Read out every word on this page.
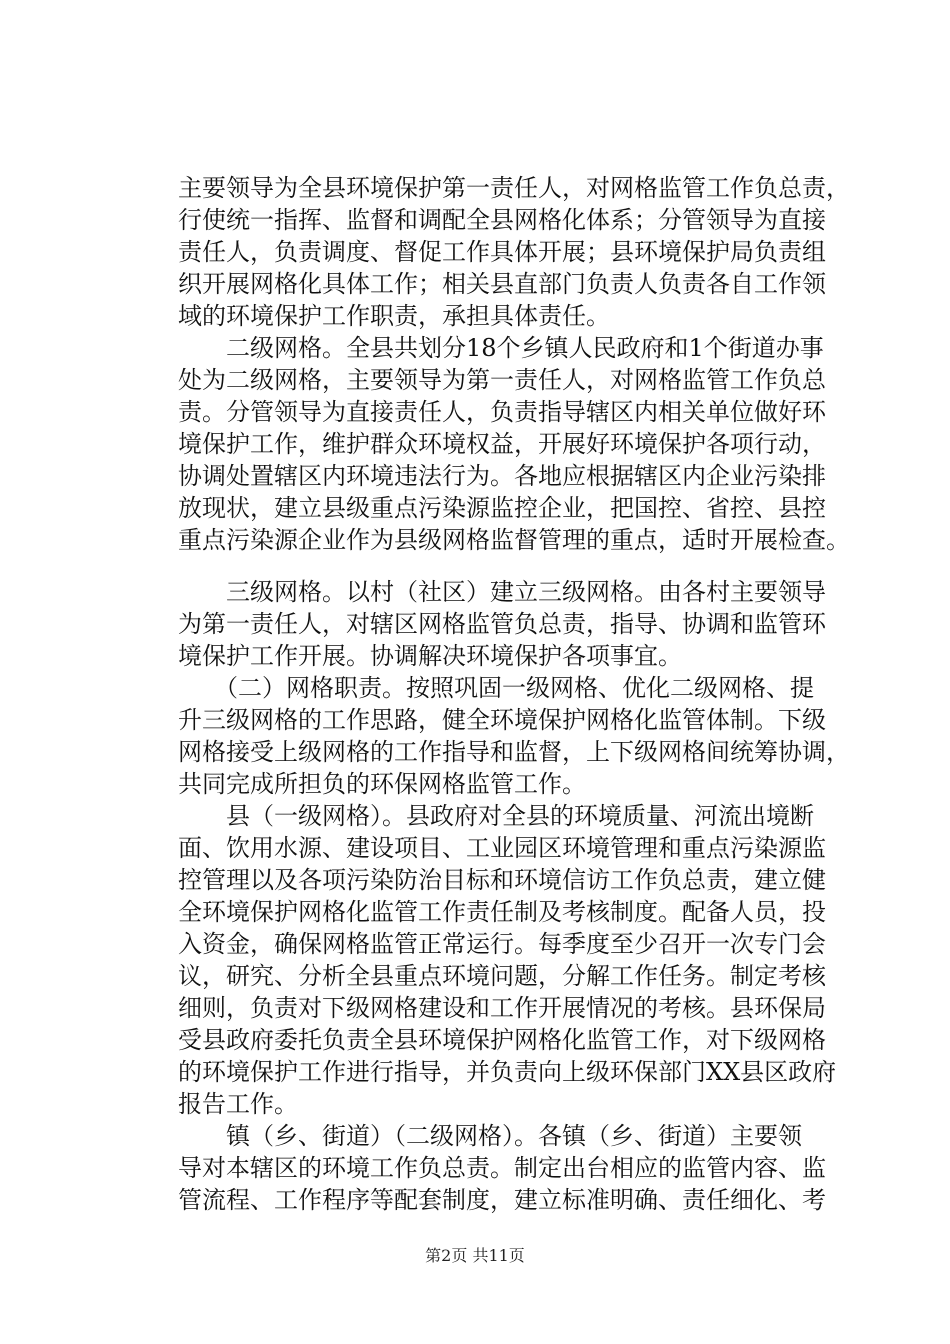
主要领导为全县环境保护第一责任人，对网格监管工作负总责，
行使统一指挥、监督和调配全县网格化体系；分管领导为直接
责任人，负责调度、督促工作具体开展；县环境保护局负责组
织开展网格化具体工作；相关县直部门负责人负责各自工作领
域的环境保护工作职责，承担具体责任。
　　二级网格。全县共划分18个乡镇人民政府和1个街道办事
处为二级网格，主要领导为第一责任人，对网格监管工作负总
责。分管领导为直接责任人，负责指导辖区内相关单位做好环
境保护工作，维护群众环境权益，开展好环境保护各项行动，
协调处置辖区内环境违法行为。各地应根据辖区内企业污染排
放现状，建立县级重点污染源监控企业，把国控、省控、县控
重点污染源企业作为县级网格监督管理的重点，适时开展检查。
　　三级网格。以村（社区）建立三级网格。由各村主要领导
为第一责任人，对辖区网格监管负总责，指导、协调和监管环
境保护工作开展。协调解决环境保护各项事宜。
　　（二）网格职责。按照巩固一级网格、优化二级网格、提
升三级网格的工作思路，健全环境保护网格化监管体制。下级
网格接受上级网格的工作指导和监督，上下级网格间统筹协调，
共同完成所担负的环保网格监管工作。
　　县（一级网格）。县政府对全县的环境质量、河流出境断
面、饮用水源、建设项目、工业园区环境管理和重点污染源监
控管理以及各项污染防治目标和环境信访工作负总责，建立健
全环境保护网格化监管工作责任制及考核制度。配备人员，投
入资金，确保网格监管正常运行。每季度至少召开一次专门会
议，研究、分析全县重点环境问题，分解工作任务。制定考核
细则，负责对下级网格建设和工作开展情况的考核。县环保局
受县政府委托负责全县环境保护网格化监管工作，对下级网格
的环境保护工作进行指导，并负责向上级环保部门XX县区政府
报告工作。
　　镇（乡、街道）（二级网格）。各镇（乡、街道）主要领
导对本辖区的环境工作负总责。制定出台相应的监管内容、监
管流程、工作程序等配套制度，建立标准明确、责任细化、考
第2页 共11页
